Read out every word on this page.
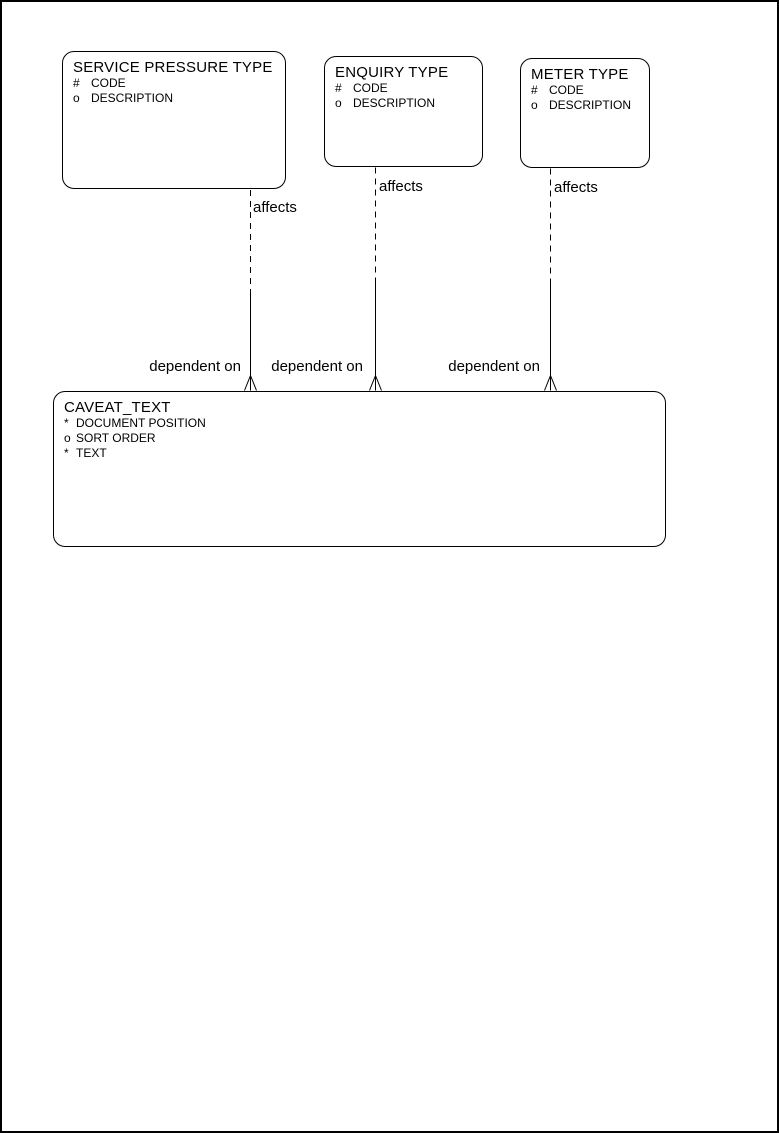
SERVICE PRESSURE TYPE
# CODE
o DESCRIPTION
ENQUIRY TYPE
# CODE
o DESCRIPTION
METER TYPE
# CODE
o DESCRIPTION
CAVEAT_TEXT
* DOCUMENT POSITION
o SORT ORDER
* TEXT
affects
affects	affects
dependent on dependent on	dependent on
